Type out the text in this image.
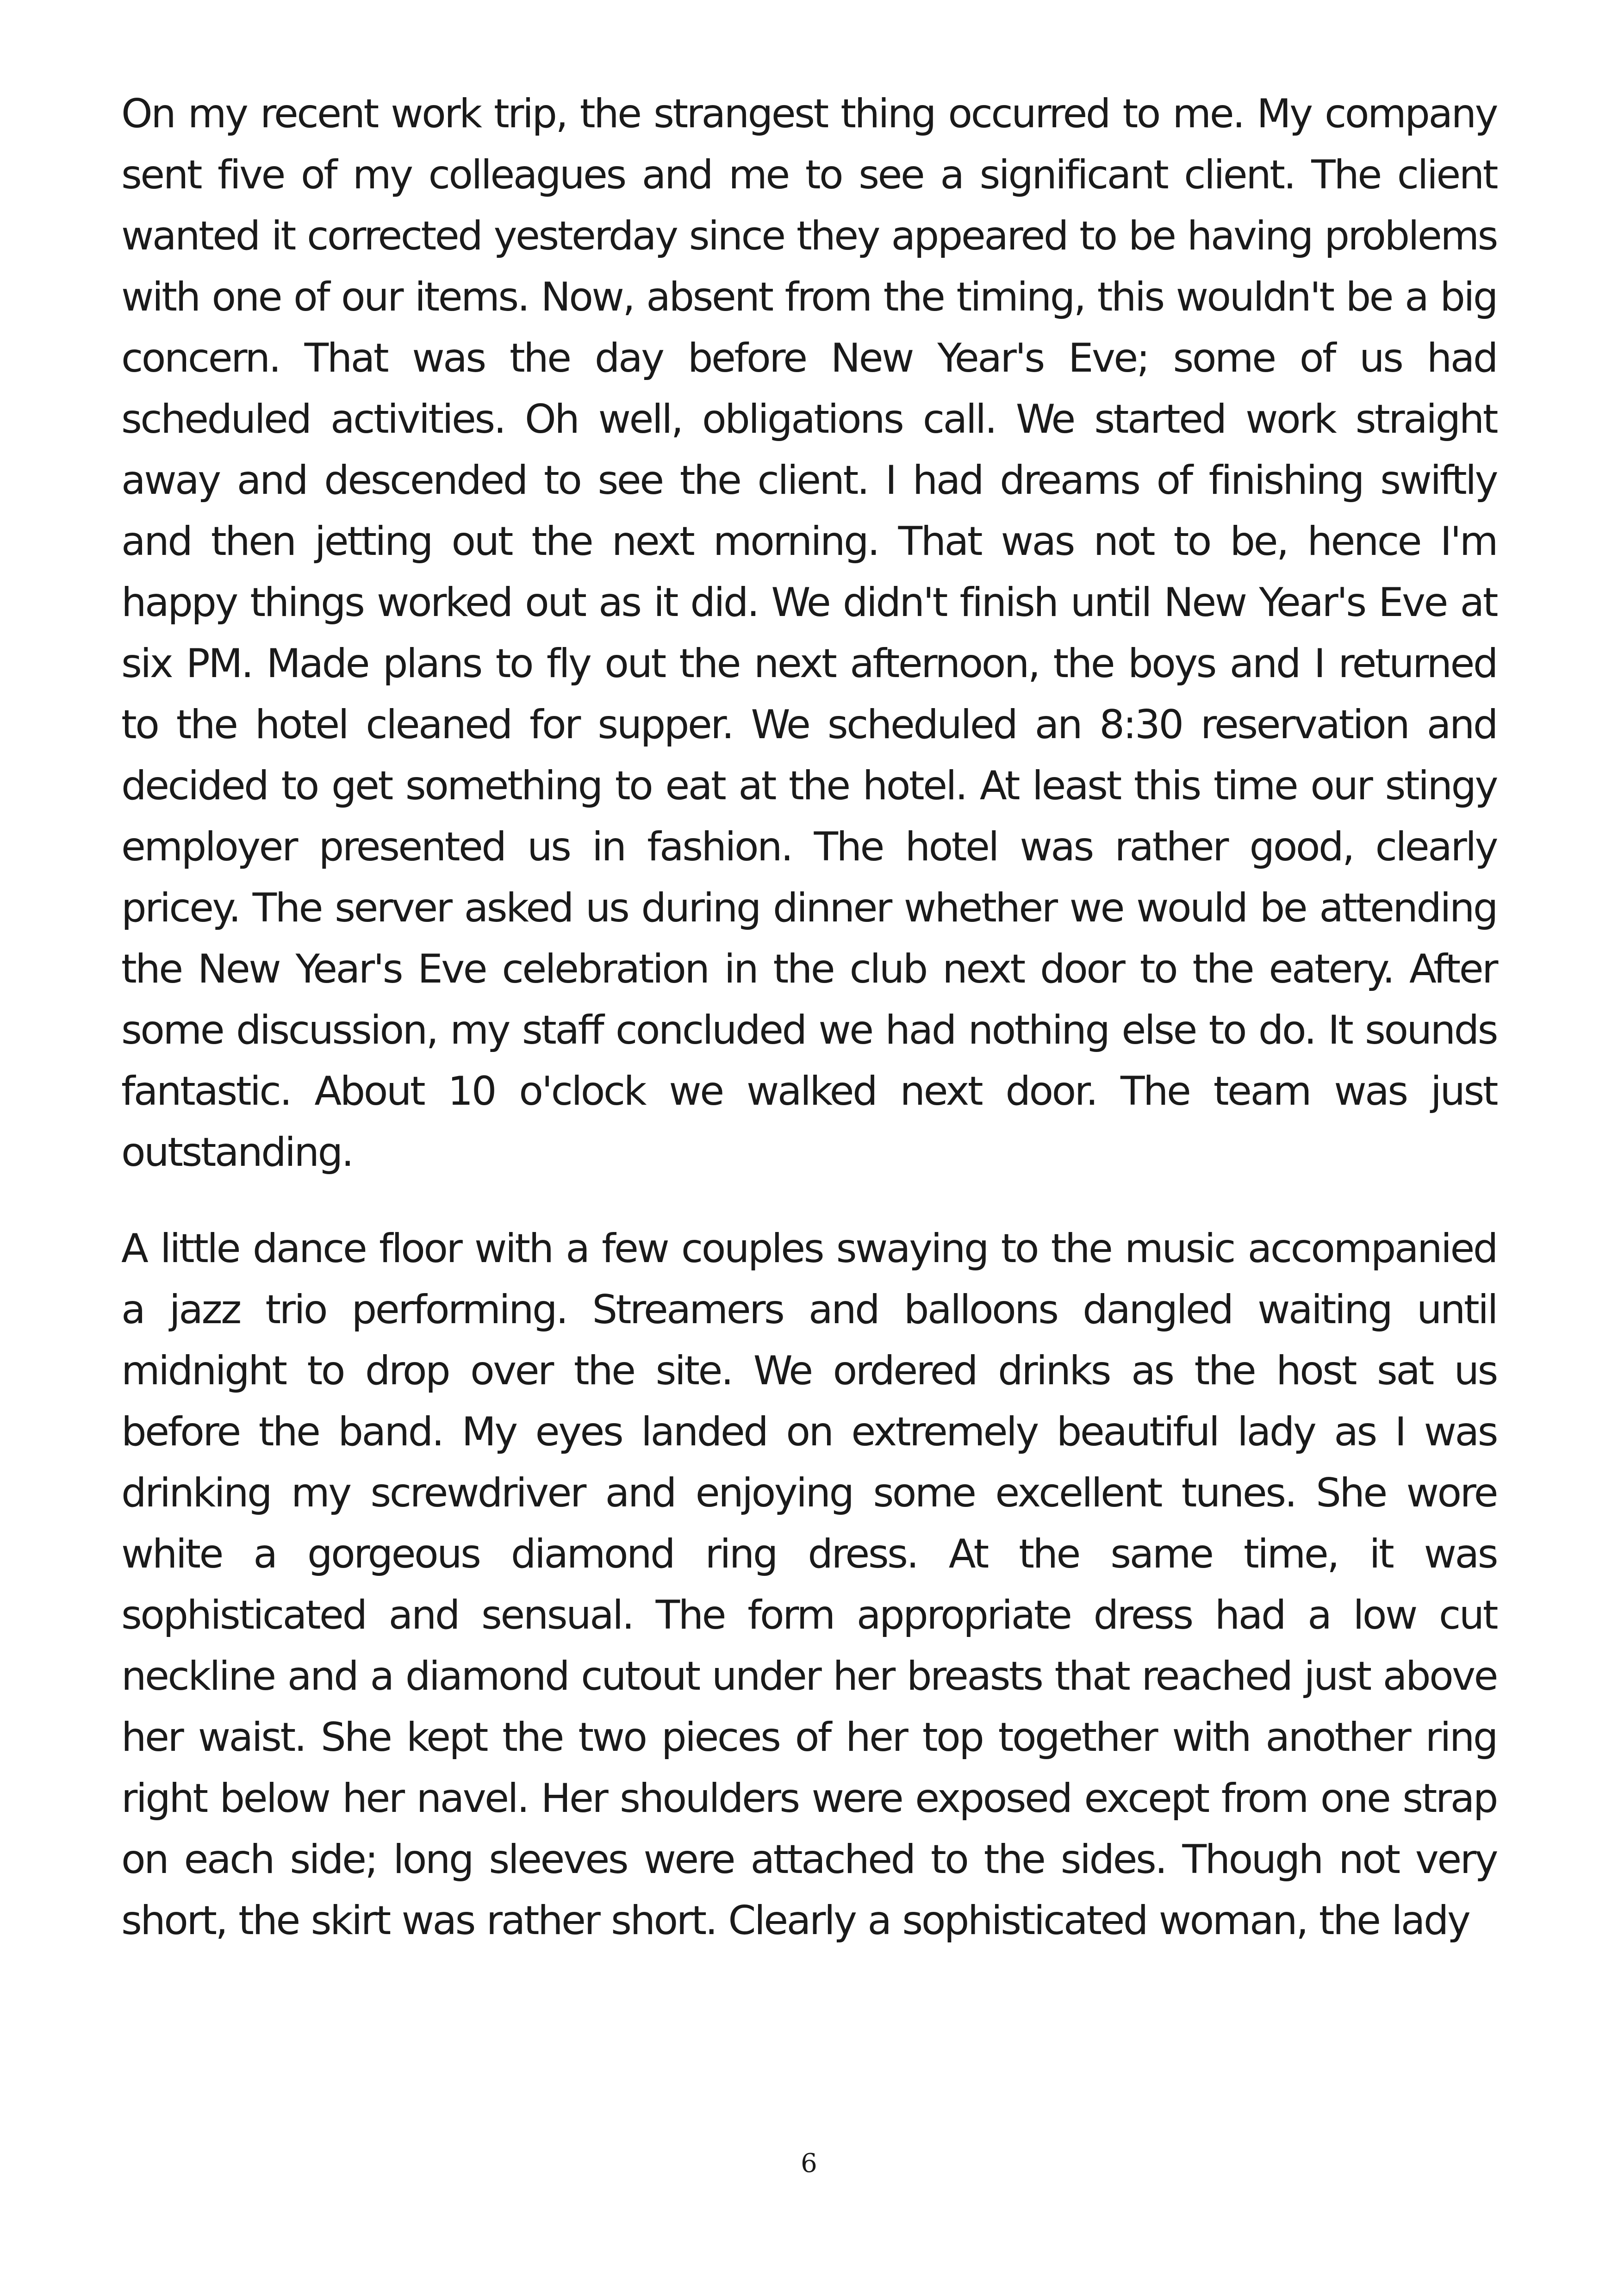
On my recent work trip, the strangest thing occurred to me. My company sent five of my colleagues and me to see a significant client. The client wanted it corrected yesterday since they appeared to be having problems with one of our items. Now, absent from the timing, this wouldn't be a big concern. That was the day before New Year's Eve; some of us had scheduled activities. Oh well, obligations call. We started work straight away and descended to see the client. I had dreams of finishing swiftly and then jetting out the next morning. That was not to be, hence I'm happy things worked out as it did. We didn't finish until New Year's Eve at six PM. Made plans to fly out the next afternoon, the boys and I returned to the hotel cleaned for supper. We scheduled an 8:30 reservation and decided to get something to eat at the hotel. At least this time our stingy employer presented us in fashion. The hotel was rather good, clearly pricey. The server asked us during dinner whether we would be attending the New Year's Eve celebration in the club next door to the eatery. After some discussion, my staff concluded we had nothing else to do. It sounds fantastic. About 10 o'clock we walked next door. The team was just outstanding.

A little dance floor with a few couples swaying to the music accompanied a jazz trio performing. Streamers and balloons dangled waiting until midnight to drop over the site. We ordered drinks as the host sat us before the band. My eyes landed on extremely beautiful lady as I was drinking my screwdriver and enjoying some excellent tunes. She wore white a gorgeous diamond ring dress. At the same time, it was sophisticated and sensual. The form appropriate dress had a low cut neckline and a diamond cutout under her breasts that reached just above her waist. She kept the two pieces of her top together with another ring right below her navel. Her shoulders were exposed except from one strap on each side; long sleeves were attached to the sides. Though not very short, the skirt was rather short. Clearly a sophisticated woman, the lady

6
